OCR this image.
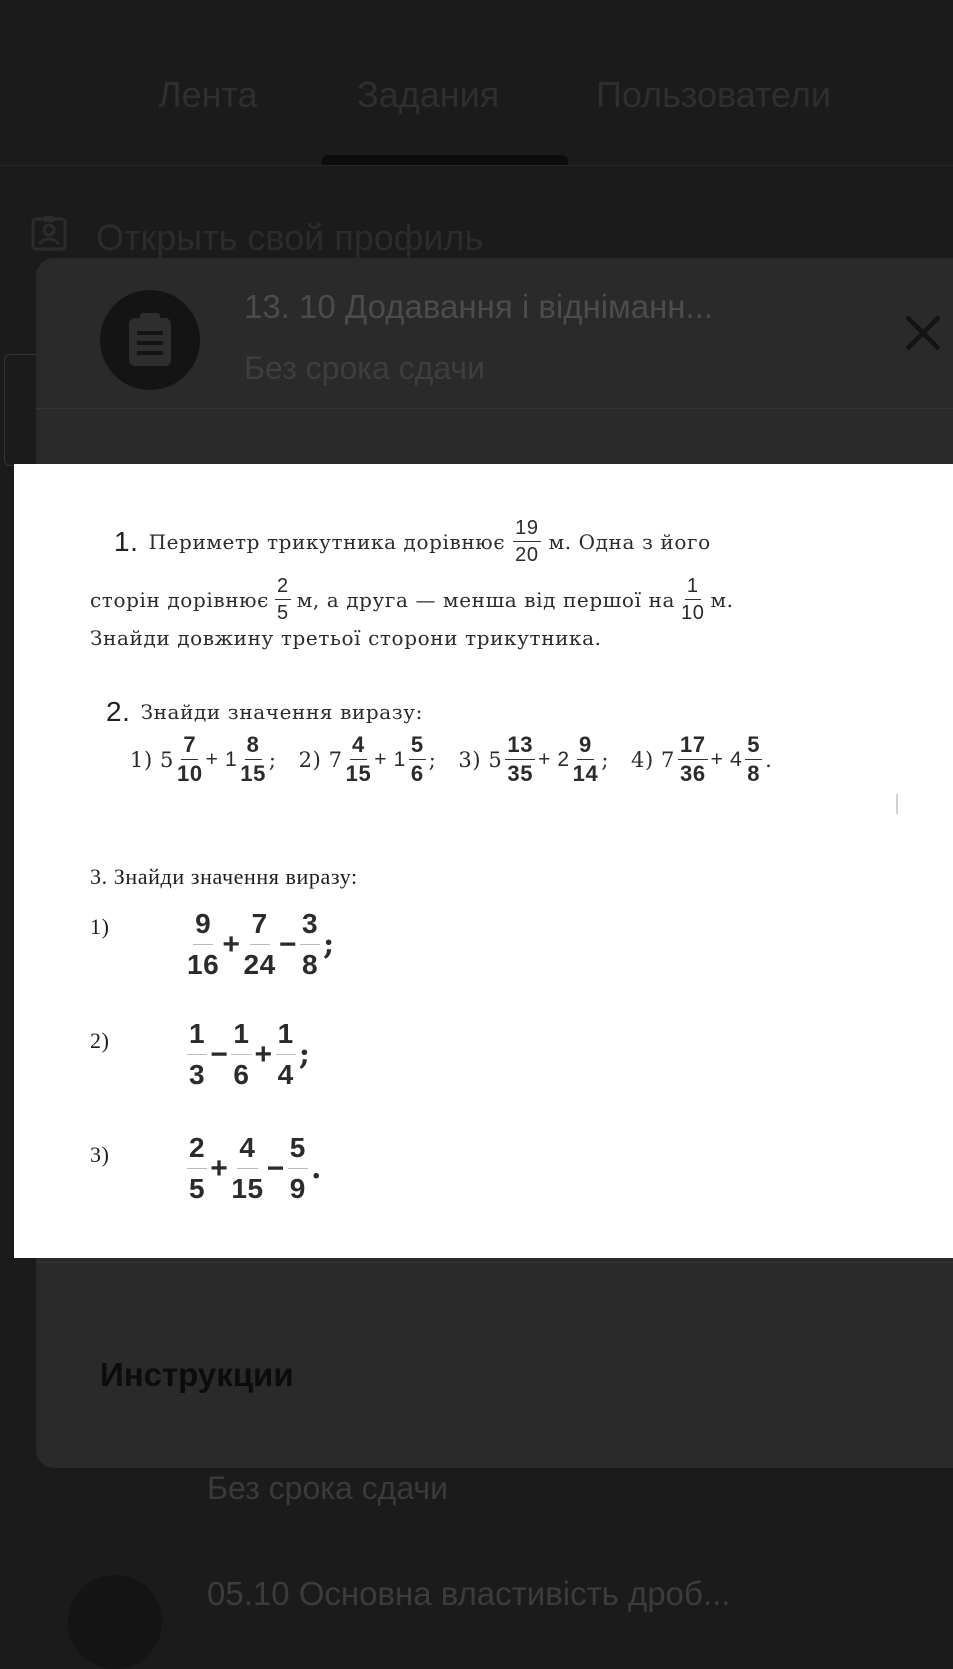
Лента	Задания	Пользователи
Открыть свой профиль
Без срока сдачи
05.10 Основна властивість дроб...
13. 10 Додавання і відніманн...
Без срока сдачи
Инструкции
1. Периметр трикутника дорівнює $\frac{19}{20} м$. Одна з його
сторін дорівнює $\frac{2}{5} м$, а друга — менша від першої на $\frac{1}{10} м$.
Знайди довжину третьої сторони трикутника.
2. Знайди значення виразу:
1) $5 \frac{7}{10} + 1 \frac{8}{15}$ ; 2) $7 \frac{4}{15} + 1 \frac{5}{6}$ ; 3) $5 \frac{13}{35} + 2 \frac{9}{14}$ ; 4) $7 \frac{17}{36} + 4 \frac{5}{8}$ .
3. Знайди значення виразу:
1)	$\frac{9}{16} + \frac{7}{24} - \frac{3}{8}$ ;
2)	$\frac{1}{3} - \frac{1}{6} + \frac{1}{4}$ ;
3)	$\frac{2}{5} + \frac{4}{15} - \frac{5}{9}$ .
